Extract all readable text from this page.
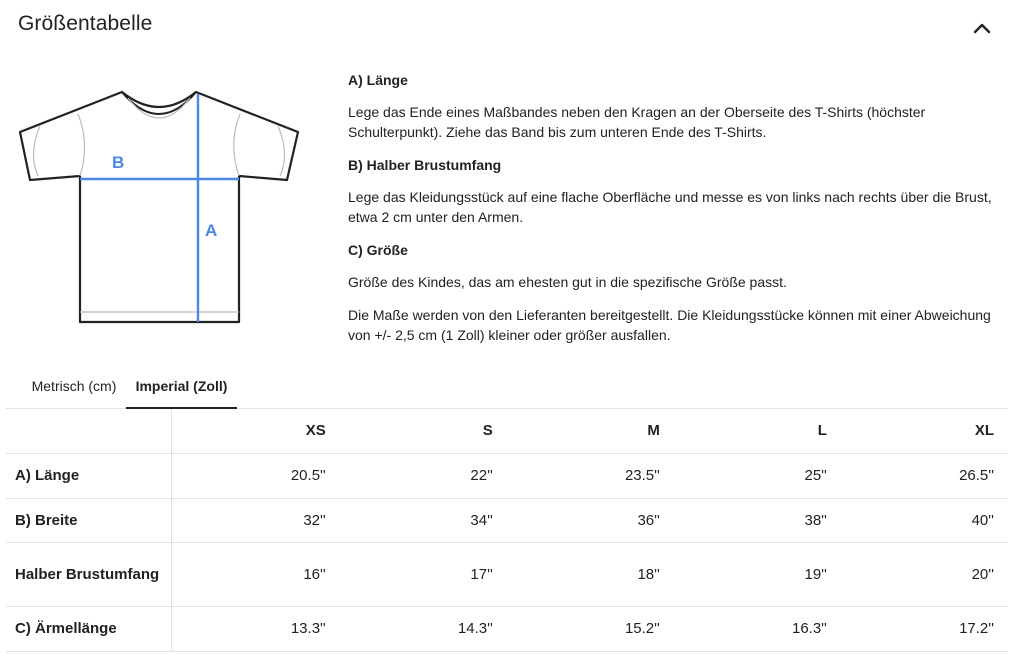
Größentabelle
B
A
A) Länge
Lege das Ende eines Maßbandes neben den Kragen an der Oberseite des T-Shirts (höchster Schulterpunkt). Ziehe das Band bis zum unteren Ende des T-Shirts.
B) Halber Brustumfang
Lege das Kleidungsstück auf eine flache Oberfläche und messe es von links nach rechts über die Brust, etwa 2 cm unter den Armen.
C) Größe
Größe des Kindes, das am ehesten gut in die spezifische Größe passt.
Die Maße werden von den Lieferanten bereitgestellt. Die Kleidungsstücke können mit einer Abweichung von +/- 2,5 cm (1 Zoll) kleiner oder größer ausfallen.
Metrisch (cm)	Imperial (Zoll)
	XS	S	M	L	XL
A) Länge	20.5''	22''	23.5''	25''	26.5''
B) Breite	32''	34''	36''	38''	40''
Halber Brustumfang	16''	17''	18''	19''	20''
C) Ärmellänge	13.3''	14.3''	15.2''	16.3''	17.2''
